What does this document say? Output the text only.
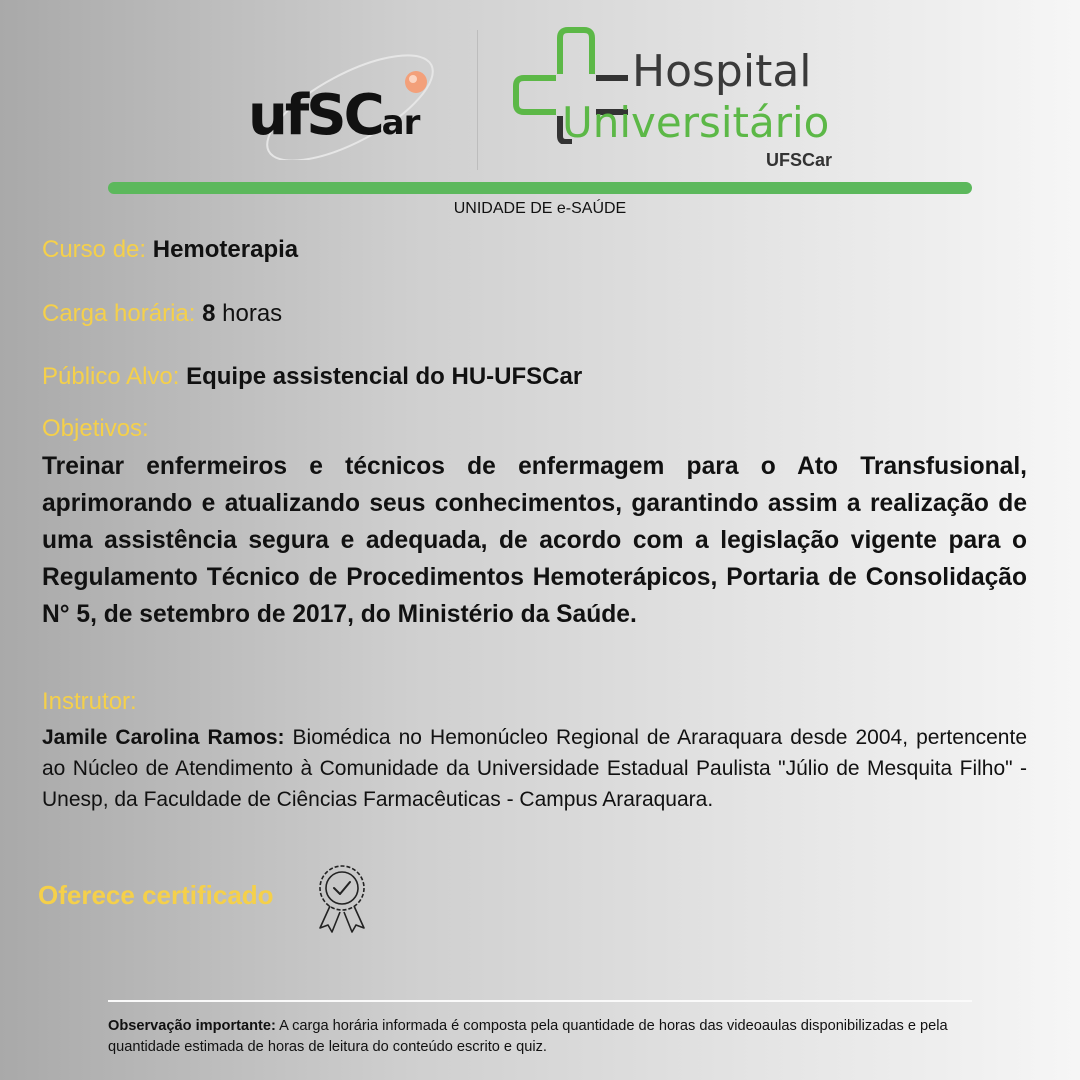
ufSCar
Hospital
Universitário
UFSCar
UNIDADE DE e-SAÚDE
Curso de: Hemoterapia
Carga horária: 8 horas
Público Alvo: Equipe assistencial do HU-UFSCar
Objetivos:
Treinar enfermeiros e técnicos de enfermagem para o Ato Transfusional, aprimorando e atualizando seus conhecimentos, garantindo assim a realização de uma assistência segura e adequada, de acordo com a legislação vigente para o Regulamento Técnico de Procedimentos Hemoterápicos, Portaria de Consolidação N° 5, de setembro de 2017, do Ministério da Saúde.
Instrutor:
Jamile Carolina Ramos: Biomédica no Hemonúcleo Regional de Araraquara desde 2004, pertencente ao Núcleo de Atendimento à Comunidade da Universidade Estadual Paulista "Júlio de Mesquita Filho" - Unesp, da Faculdade de Ciências Farmacêuticas - Campus Araraquara.
Oferece certificado
Observação importante: A carga horária informada é composta pela quantidade de horas das videoaulas disponibilizadas e pela quantidade estimada de horas de leitura do conteúdo escrito e quiz.
